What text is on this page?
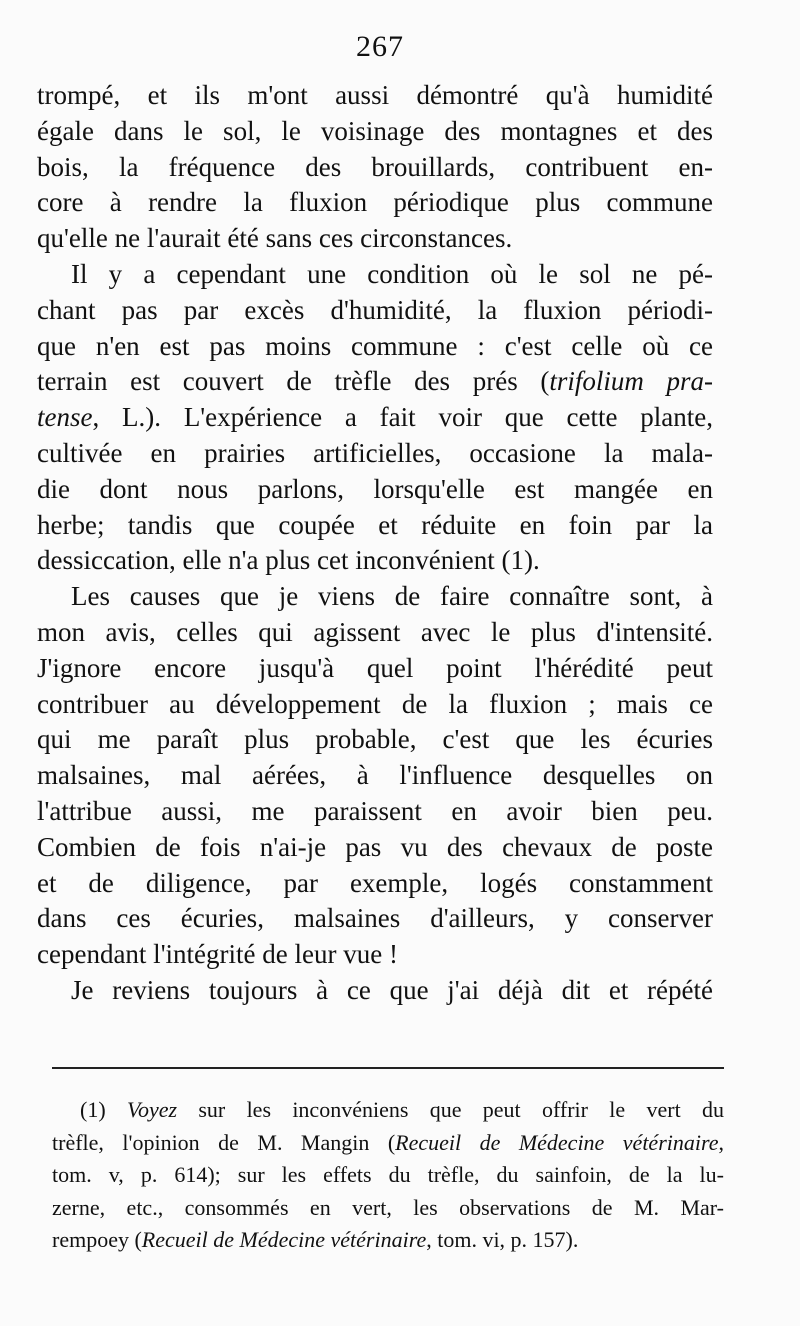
267
trompé, et ils m'ont aussi démontré qu'à humidité
égale dans le sol, le voisinage des montagnes et des
bois, la fréquence des brouillards, contribuent en-
core à rendre la fluxion périodique plus commune
qu'elle ne l'aurait été sans ces circonstances.
Il y a cependant une condition où le sol ne pé-
chant pas par excès d'humidité, la fluxion périodi-
que n'en est pas moins commune : c'est celle où ce
terrain est couvert de trèfle des prés (trifolium pra-
tense, L.). L'expérience a fait voir que cette plante,
cultivée en prairies artificielles, occasione la mala-
die dont nous parlons, lorsqu'elle est mangée en
herbe; tandis que coupée et réduite en foin par la
dessiccation, elle n'a plus cet inconvénient (1).
Les causes que je viens de faire connaître sont, à
mon avis, celles qui agissent avec le plus d'intensité.
J'ignore encore jusqu'à quel point l'hérédité peut
contribuer au développement de la fluxion ; mais ce
qui me paraît plus probable, c'est que les écuries
malsaines, mal aérées, à l'influence desquelles on
l'attribue aussi, me paraissent en avoir bien peu.
Combien de fois n'ai-je pas vu des chevaux de poste
et de diligence, par exemple, logés constamment
dans ces écuries, malsaines d'ailleurs, y conserver
cependant l'intégrité de leur vue !
Je reviens toujours à ce que j'ai déjà dit et répété
(1) Voyez sur les inconvéniens que peut offrir le vert du
trèfle, l'opinion de M. Mangin (Recueil de Médecine vétérinaire,
tom. v, p. 614); sur les effets du trèfle, du sainfoin, de la lu-
zerne, etc., consommés en vert, les observations de M. Mar-
rempoey (Recueil de Médecine vétérinaire, tom. vi, p. 157).
